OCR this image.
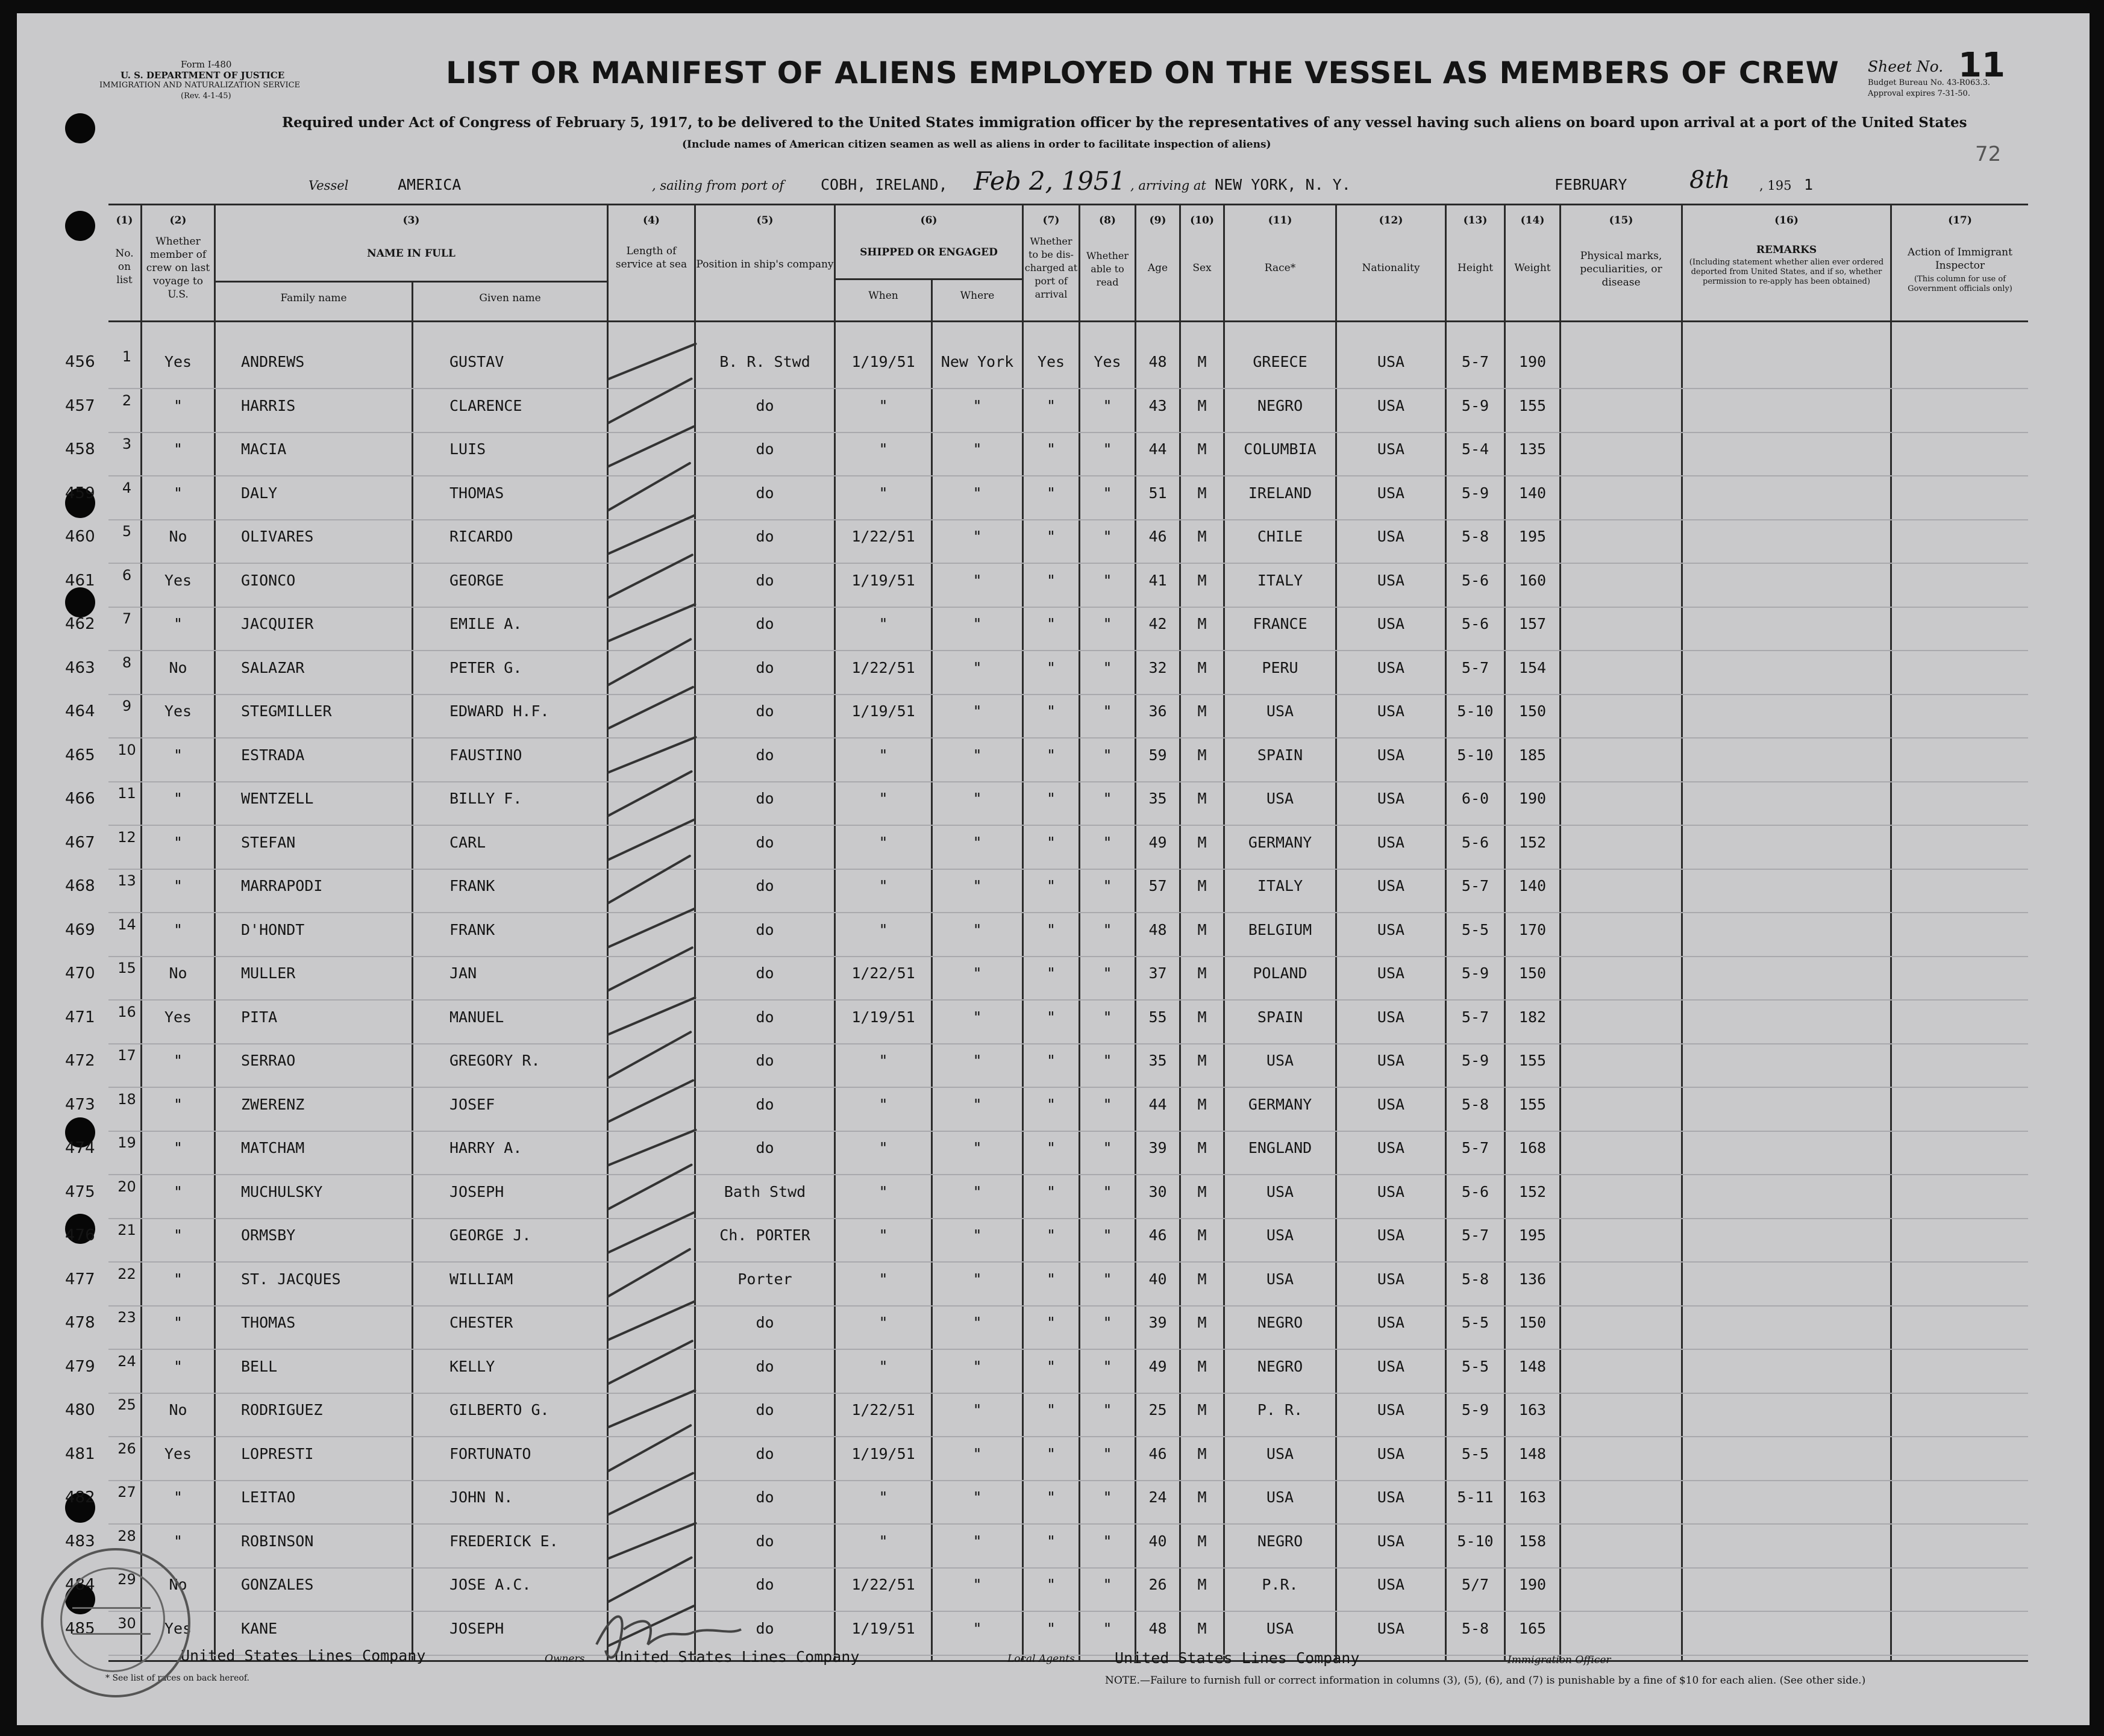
Form I-480
U. S. DEPARTMENT OF JUSTICE
IMMIGRATION AND NATURALIZATION SERVICE
(Rev. 4-1-45)
LIST OR MANIFEST OF ALIENS EMPLOYED ON THE VESSEL AS MEMBERS OF CREW
Required under Act of Congress of February 5, 1917, to be delivered to the United States immigration officer by the representatives of any vessel having such aliens on board upon arrival at a port of the United States
(Include names of American citizen seamen as well as aliens in order to facilitate inspection of aliens)
Sheet No. 11
Budget Bureau No. 43-R063.3.
Approval expires 7-31-50.
72
Vessel	AMERICA	, sailing from port of COBH, IRELAND, Feb 2, 1951 , arriving at NEW YORK, N. Y.	FEBRUARY	8th , 195 1
(1)
No. on list
(2)
Whether member of crew on last voyage to U.S.
(3)
NAME IN FULL
Family name	Given name
(4)
Length of service at sea
(5)
Position in ship's company
(6)
SHIPPED OR ENGAGED
When	Where
(7)
Whether to be dis-charged at port of arrival
(8)
Whether able to read
(9)
Age
(10)
Sex
(11)
Race*
(12)
Nationality
(13)
Height
(14)
Weight
(15)
Physical marks, peculiarities, or disease
(16)
REMARKS
(Including statement whether alien ever ordered deported from United States, and if so, whether permission to re-apply has been obtained)
(17)
Action of Immigrant Inspector
(This column for use of Government officials only)
456	1	Yes	ANDREWS	GUSTAV	B. R. Stwd	1/19/51	New York	Yes	Yes	48	M	GREECE	USA	5-7	190
457	2	"	HARRIS	CLARENCE	do	"	"	"	"	43	M	NEGRO	USA	5-9	155
458	3	"	MACIA	LUIS	do	"	"	"	"	44	M	COLUMBIA	USA	5-4	135
459	4	"	DALY	THOMAS	do	"	"	"	"	51	M	IRELAND	USA	5-9	140
460	5	No	OLIVARES	RICARDO	do	1/22/51	"	"	"	46	M	CHILE	USA	5-8	195
461	6	Yes	GIONCO	GEORGE	do	1/19/51	"	"	"	41	M	ITALY	USA	5-6	160
462	7	"	JACQUIER	EMILE A.	do	"	"	"	"	42	M	FRANCE	USA	5-6	157
463	8	No	SALAZAR	PETER G.	do	1/22/51	"	"	"	32	M	PERU	USA	5-7	154
464	9	Yes	STEGMILLER	EDWARD H.F.	do	1/19/51	"	"	"	36	M	USA	USA	5-10	150
465	10	"	ESTRADA	FAUSTINO	do	"	"	"	"	59	M	SPAIN	USA	5-10	185
466	11	"	WENTZELL	BILLY F.	do	"	"	"	"	35	M	USA	USA	6-0	190
467	12	"	STEFAN	CARL	do	"	"	"	"	49	M	GERMANY	USA	5-6	152
468	13	"	MARRAPODI	FRANK	do	"	"	"	"	57	M	ITALY	USA	5-7	140
469	14	"	D'HONDT	FRANK	do	"	"	"	"	48	M	BELGIUM	USA	5-5	170
470	15	No	MULLER	JAN	do	1/22/51	"	"	"	37	M	POLAND	USA	5-9	150
471	16	Yes	PITA	MANUEL	do	1/19/51	"	"	"	55	M	SPAIN	USA	5-7	182
472	17	"	SERRAO	GREGORY R.	do	"	"	"	"	35	M	USA	USA	5-9	155
473	18	"	ZWERENZ	JOSEF	do	"	"	"	"	44	M	GERMANY	USA	5-8	155
474	19	"	MATCHAM	HARRY A.	do	"	"	"	"	39	M	ENGLAND	USA	5-7	168
475	20	"	MUCHULSKY	JOSEPH	Bath Stwd	"	"	"	"	30	M	USA	USA	5-6	152
476	21	"	ORMSBY	GEORGE J.	Ch. PORTER	"	"	"	"	46	M	USA	USA	5-7	195
477	22	"	ST. JACQUES	WILLIAM	Porter	"	"	"	"	40	M	USA	USA	5-8	136
478	23	"	THOMAS	CHESTER	do	"	"	"	"	39	M	NEGRO	USA	5-5	150
479	24	"	BELL	KELLY	do	"	"	"	"	49	M	NEGRO	USA	5-5	148
480	25	No	RODRIGUEZ	GILBERTO G.	do	1/22/51	"	"	"	25	M	P. R.	USA	5-9	163
481	26	Yes	LOPRESTI	FORTUNATO	do	1/19/51	"	"	"	46	M	USA	USA	5-5	148
482	27	"	LEITAO	JOHN N.	do	"	"	"	"	24	M	USA	USA	5-11	163
483	28	"	ROBINSON	FREDERICK E.	do	"	"	"	"	40	M	NEGRO	USA	5-10	158
484	29	No	GONZALES	JOSE A.C.	do	1/22/51	"	"	"	26	M	P.R.	USA	5/7	190
485	30	Yes	KANE	JOSEPH	do	1/19/51	"	"	"	48	M	USA	USA	5-8	165
United States Lines Company	Owners United States Lines Company	Local Agents	United States Lines Company	Immigration Officer
* See list of races on back hereof.	NOTE.—Failure to furnish full or correct information in columns (3), (5), (6), and (7) is punishable by a fine of $10 for each alien. (See other side.)
